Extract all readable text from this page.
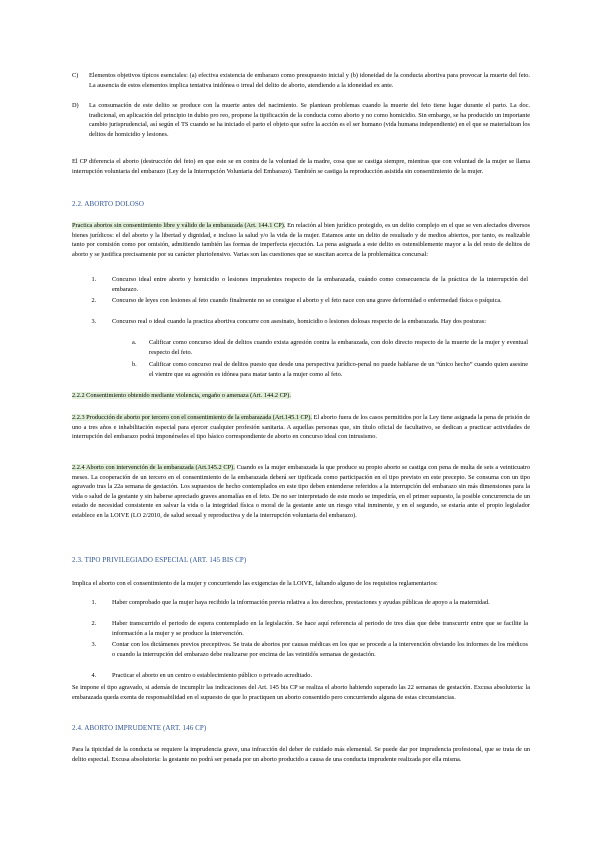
C) Elementos objetivos típicos esenciales: (a) efectiva existencia de embarazo como presupuesto inicial y (b) idoneidad de la conducta abortiva para provocar la muerte del feto. La ausencia de estos elementos implica tentativa inidónea o irreal del delito de aborto, atendiendo a la idoneidad ex ante.

D) La consumación de este delito se produce con la muerte antes del nacimiento. Se plantean problemas cuando la muerte del feto tiene lugar durante el parto. La doc. tradicional, en aplicación del principio in dubio pro reo, propone la tipificación de la conducta como aborto y no como homicidio. Sin embargo, se ha producido un importante cambio jurisprudencial, así según el TS cuando se ha iniciado el parto el objeto que sufre la acción es el ser humano (vida humana independiente) en el que se materializan los delitos de homicidio y lesiones.

El CP diferencia el aborto (destrucción del feto) en que este se en contra de la voluntad de la madre, cosa que se castiga siempre, mientras que con voluntad de la mujer se llama interrupción voluntaria del embarazo (Ley de la Interrupción Voluntaria del Embarazo). También se castiga la reproducción asistida sin consentimiento de la mujer.

2.2. ABORTO DOLOSO

Practica abortos sin consentimiento libre y válido de la embarazada (Art. 144.1 CP). En relación al bien jurídico protegido, es un delito complejo en el que se ven afectados diversos bienes jurídicos: el del aborto y la libertad y dignidad, e incluso la salud y/o la vida de la mujer. Estamos ante un delito de resultado y de medios abiertos, por tanto, es realizable tanto por comisión como por omisión, admitiendo también las formas de imperfecta ejecución. La pena asignada a este delito es ostensiblemente mayor a la del resto de delitos de aborto y se justifica precisamente por su carácter pluriofensivo. Varias son las cuestiones que se suscitan acerca de la problemática concursal:

1.	Concurso ideal entre aborto y homicidio o lesiones imprudentes respecto de la embarazada, cuándo como consecuencia de la práctica de la interrupción del embarazo.

2.	Concurso de leyes con lesiones al feto cuando finalmente no se consigue el aborto y el feto nace con una grave deformidad o enfermedad física o psíquica.

3.	Concurso real o ideal cuando la practica abortiva concurre con asesinato, homicidio o lesiones dolosas respecto de la embarazada. Hay dos posturas:

a. Calificar como concurso ideal de delitos cuando exista agresión contra la embarazada, con dolo directo respecto de la muerte de la mujer y eventual respecto del feto.

b. Calificar como concurso real de delitos puesto que desde una perspectiva jurídico-penal no puede hablarse de un “único hecho” cuando quien asesine el vientre que su agresión es idónea para matar tanto a la mujer como al feto.

2.2.2 Consentimiento obtenido mediante violencia, engaño o amenaza (Art. 144.2 CP).

2.2.3 Producción de aborto por tercero con el consentimiento de la embarazada (Art.145.1 CP). El aborto fuera de los casos permitidos por la Ley tiene asignada la pena de prisión de uno a tres años e inhabilitación especial para ejercer cualquier profesión sanitaria. A aquellas personas que, sin título oficial de facultativo, se dedican a practicar actividades de interrupción del embarazo podrá imponérseles el tipo básico correspondiente de aborto en concurso ideal con intrusismo.

2.2.4 Aborto con intervención de la embarazada (Art.145.2 CP). Cuando es la mujer embarazada la que produce su propio aborto se castiga con pena de multa de seis a veinticuatro meses. La cooperación de un tercero en el consentimiento de la embarazada deberá ser tipificada como participación en el tipo previsto en este precepto. Se consuma con un tipo agravado tras la 22a semana de gestación. Los supuestos de hecho contemplados en este tipo deben entenderse referidos a la interrupción del embarazo sin más dimensiones para la vida o salud de la gestante y sin haberse apreciado graves anomalías en el feto. De no ser interpretado de este modo se impediría, en el primer supuesto, la posible concurrencia de un estado de necesidad consistente en salvar la vida o la integridad física o moral de la gestante ante un riesgo vital inminente, y en el segundo, se estaría ante el propio legislador establece en la LOIVE (LO 2/2010, de salud sexual y reproductiva y de la interrupción voluntaria del embarazo).

2.3. TIPO PRIVILEGIADO ESPECIAL (ART. 145 BIS CP)

Implica el aborto con el consentimiento de la mujer y concurriendo las exigencias de la LOIVE, faltando alguno de los requisitos reglamentarios:

1.	Haber comprobado que la mujer haya recibido la información previa relativa a los derechos, prestaciones y ayudas públicas de apoyo a la maternidad.

2.	Haber transcurrido el periodo de espera contemplado en la legislación. Se hace aquí referencia al periodo de tres días que debe transcurrir entre que se facilite la información a la mujer y se produce la intervención.

3.	Contar con los dictámenes previos preceptivos. Se trata de abortos por causas médicas en los que se procede a la intervención obviando los informes de los médicos o cuando la interrupción del embarazo debe realizarse por encima de las veintidós semanas de gestación.

4.	Practicar el aborto en un centro o establecimiento público o privado acreditado.

Se impone el tipo agravado, si además de incumplir las indicaciones del Art. 145 bis CP se realiza el aborto habiendo superado las 22 semanas de gestación. Excusa absolutoria: la embarazada queda exenta de responsabilidad en el supuesto de que lo practiquen un aborto consentido pero concurriendo alguna de estas circunstancias.

2.4. ABORTO IMPRUDENTE (ART. 146 CP)

Para la tipicidad de la conducta se requiere la imprudencia grave, una infracción del deber de cuidado más elemental. Se puede dar por imprudencia profesional, que se trata de un delito especial. Excusa absolutoria: la gestante no podrá ser penada por un aborto producido a causa de una conducta imprudente realizada por ella misma.
